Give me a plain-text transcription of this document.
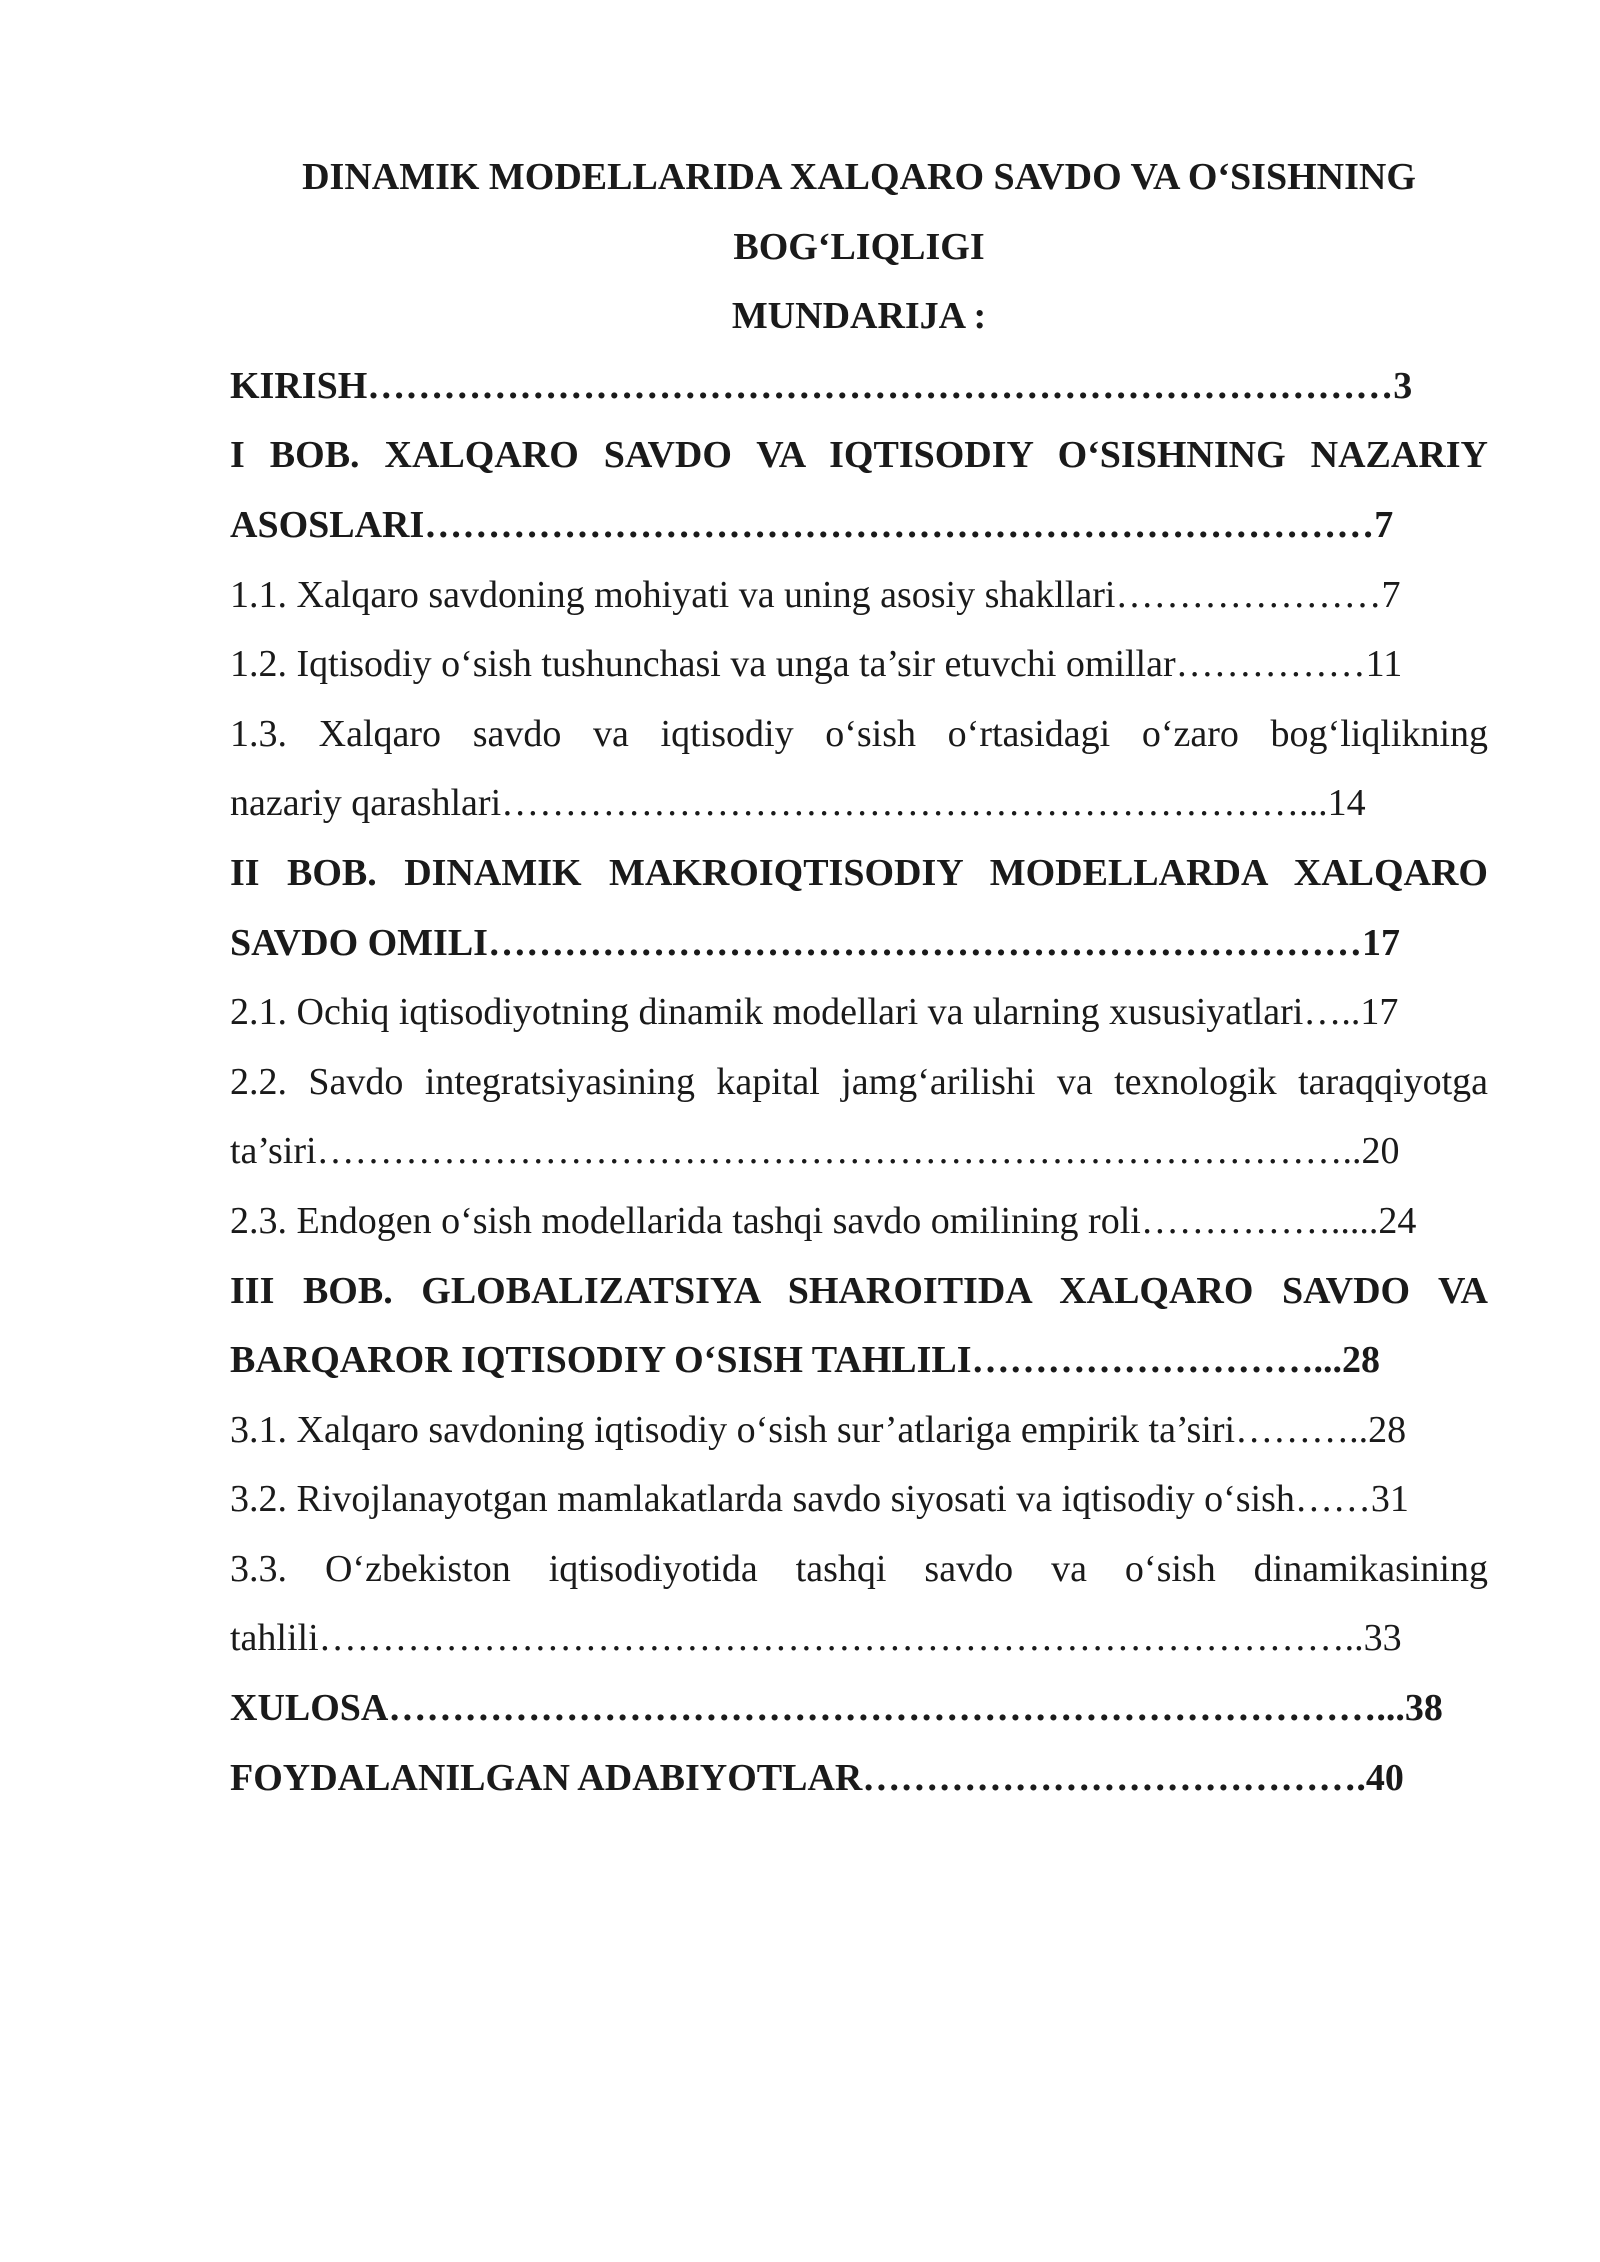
DINAMIK MODELLARIDA XALQARO SAVDO VA O‘SISHNING
BOG‘LIQLIGI
MUNDARIJA :
KIRISH………………………………………………………………………3
I BOB. XALQARO SAVDO VA IQTISODIY O‘SISHNING NAZARIY
ASOSLARI…………………………………………………………………7
1.1. Xalqaro savdoning mohiyati va uning asosiy shakllari…………………7
1.2. Iqtisodiy o‘sish tushunchasi va unga ta’sir etuvchi omillar……………11
1.3. Xalqaro savdo va iqtisodiy o‘sish o‘rtasidagi o‘zaro bog‘liqlikning
nazariy qarashlari………………………………………………………...14
II BOB. DINAMIK MAKROIQTISODIY MODELLARDA XALQARO
SAVDO OMILI……………………………………………………………17
2.1. Ochiq iqtisodiyotning dinamik modellari va ularning xususiyatlari…..17
2.2. Savdo integratsiyasining kapital jamg‘arilishi va texnologik taraqqiyotga
ta’siri………………………………………………………………………..20
2.3. Endogen o‘sish modellarida tashqi savdo omilining roli…………….....24
III BOB. GLOBALIZATSIYA SHAROITIDA XALQARO SAVDO VA
BARQAROR IQTISODIY O‘SISH TAHLILI………………………...28
3.1. Xalqaro savdoning iqtisodiy o‘sish sur’atlariga empirik ta’siri………..28
3.2. Rivojlanayotgan mamlakatlarda savdo siyosati va iqtisodiy o‘sish……31
3.3. O‘zbekiston iqtisodiyotida tashqi savdo va o‘sish dinamikasining
tahlili………………………………………………………………………..33
XULOSA……………………………………………………………………...38
FOYDALANILGAN ADABIYOTLAR………………………………….40
